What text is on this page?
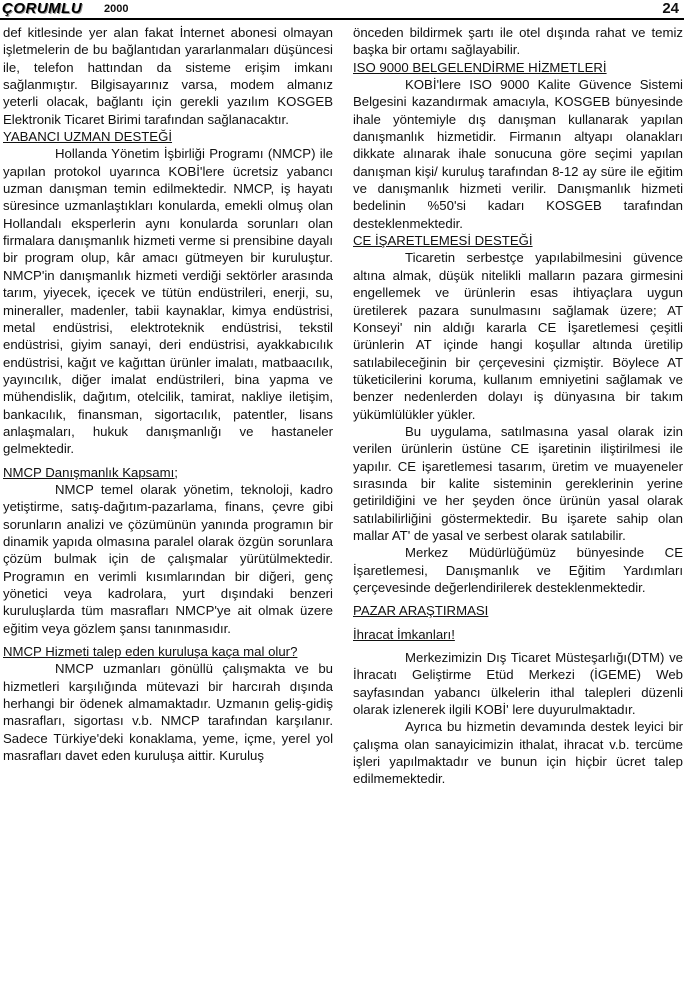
ÇORUMLU 2000	24

def kitlesinde yer alan fakat İnternet abonesi olmayan işletmelerin de bu bağlantıdan yararlanmaları düşüncesi ile, telefon hattından da sisteme erişim imkanı sağlanmıştır. Bilgisayarınız varsa, modem almanız yeterli olacak, bağlantı için gerekli yazılım KOSGEB Elektronik Ticaret Birimi tarafından sağlanacaktır.

YABANCI UZMAN DESTEĞİ

Hollanda Yönetim İşbirliği Programı (NMCP) ile yapılan protokol uyarınca KOBİ'lere ücretsiz yabancı uzman danışman temin edilmektedir. NMCP, iş hayatı süresince uzmanlaştıkları konularda, emekli olmuş olan Hollandalı eksperlerin aynı konularda sorunları olan firmalara danışmanlık hizmeti verme si prensibine dayalı bir program olup, kâr amacı gütmeyen bir kuruluştur. NMCP'in danışmanlık hizmeti verdiği sektörler arasında tarım, yiyecek, içecek ve tütün endüstrileri, enerji, su, mineraller, madenler, tabii kaynaklar, kimya endüstrisi, metal endüstrisi, elektroteknik endüstrisi, tekstil endüstrisi, giyim sanayi, deri endüstrisi, ayakkabıcılık endüstrisi, kağıt ve kağıttan ürünler imalatı, matbaacılık, yayıncılık, diğer imalat endüstrileri, bina yapma ve mühendislik, dağıtım, otelcilik, tamirat, nakliye iletişim, bankacılık, finansman, sigortacılık, patentler, lisans anlaşmaları, hukuk danışmanlığı ve hastaneler gelmektedir.

NMCP Danışmanlık Kapsamı;

NMCP temel olarak yönetim, teknoloji, kadro yetiştirme, satış-dağıtım-pazarlama, finans, çevre gibi sorunların analizi ve çözümünün yanında programın bir dinamik yapıda olmasına paralel olarak özgün sorunlara çözüm bulmak için de çalışmalar yürütülmektedir. Programın en verimli kısımlarından bir diğeri, genç yönetici veya kadrolara, yurt dışındaki benzeri kuruluşlarda tüm masrafları NMCP'ye ait olmak üzere eğitim veya gözlem şansı tanınmasıdır.

NMCP Hizmeti talep eden kuruluşa kaça mal olur?

NMCP uzmanları gönüllü çalışmakta ve bu hizmetleri karşılığında mütevazi bir harcırah dışında herhangi bir ödenek almamaktadır. Uzmanın geliş-gidiş masrafları, sigortası v.b. NMCP tarafından karşılanır. Sadece Türkiye'deki konaklama, yeme, içme, yerel yol masrafları davet eden kuruluşa aittir. Kuruluş

önceden bildirmek şartı ile otel dışında rahat ve temiz başka bir ortamı sağlayabilir.

ISO 9000 BELGELENDİRME HİZMETLERİ

KOBİ'lere ISO 9000 Kalite Güvence Sistemi Belgesini kazandırmak amacıyla, KOSGEB bünyesinde ihale yöntemiyle dış danışman kullanarak yapılan danışmanlık hizmetidir. Firmanın altyapı olanakları dikkate alınarak ihale sonucuna göre seçimi yapılan danışman kişi/ kuruluş tarafından 8-12 ay süre ile eğitim ve danışmanlık hizmeti verilir. Danışmanlık hizmeti bedelinin %50'si kadarı KOSGEB tarafından desteklenmektedir.

CE İŞARETLEMESİ DESTEĞİ

Ticaretin serbestçe yapılabilmesini güvence altına almak, düşük nitelikli malların pazara girmesini engellemek ve ürünlerin esas ihtiyaçlara uygun üretilerek pazara sunulmasını sağlamak üzere; AT Konseyi' nin aldığı kararla CE İşaretlemesi çeşitli ürünlerin AT içinde hangi koşullar altında üretilip satılabileceğinin bir çerçevesini çizmiştir. Böylece AT tüketicilerini koruma, kullanım emniyetini sağlamak ve benzer nedenlerden dolayı iş dünyasına bir takım yükümlülükler yükler.

Bu uygulama, satılmasına yasal olarak izin verilen ürünlerin üstüne CE işaretinin iliştirilmesi ile yapılır. CE işaretlemesi tasarım, üretim ve muayeneler sırasında bir kalite sisteminin gereklerinin yerine getirildiğini ve her şeyden önce ürünün yasal olarak satılabilirliğini göstermektedir. Bu işarete sahip olan mallar AT' de yasal ve serbest olarak satılabilir.

Merkez Müdürlüğümüz bünyesinde CE İşaretlemesi, Danışmanlık ve Eğitim Yardımları çerçevesinde değerlendirilerek desteklenmektedir.

PAZAR ARAŞTIRMASI
İhracat İmkanları!

Merkezimizin Dış Ticaret Müsteşarlığı(DTM) ve İhracatı Geliştirme Etüd Merkezi (İGEME) Web sayfasından yabancı ülkelerin ithal talepleri düzenli olarak izlenerek ilgili KOBİ' lere duyurulmaktadır.

Ayrıca bu hizmetin devamında destek leyici bir çalışma olan sanayicimizin ithalat, ihracat v.b. tercüme işleri yapılmaktadır ve bunun için hiçbir ücret talep edilmemektedir.
